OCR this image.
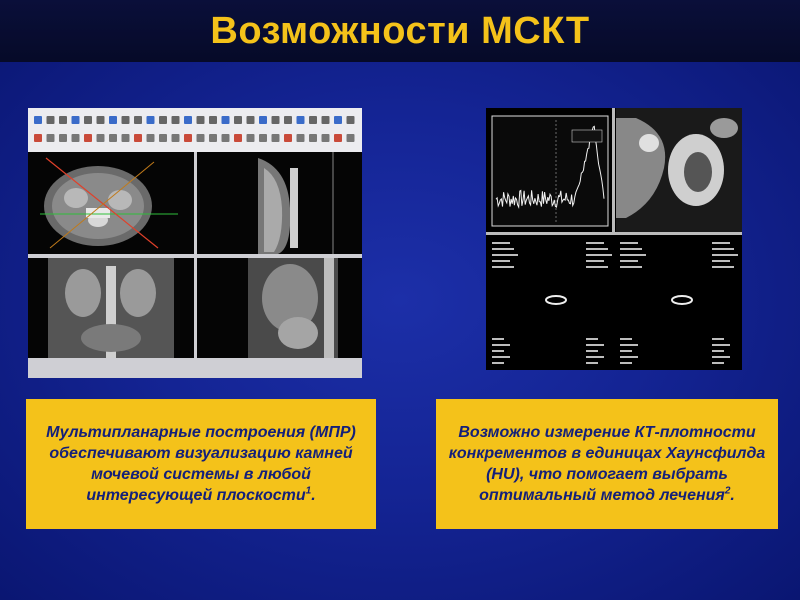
Возможности МСКТ
Мультипланарные построения (МПР) обеспечивают визуализацию камней мочевой системы в любой интересующей плоскости$^1$.
Возможно измерение КТ-плотности конкрементов в единицах Хаунсфилда (HU), что помогает выбрать оптимальный метод лечения$^2$.
